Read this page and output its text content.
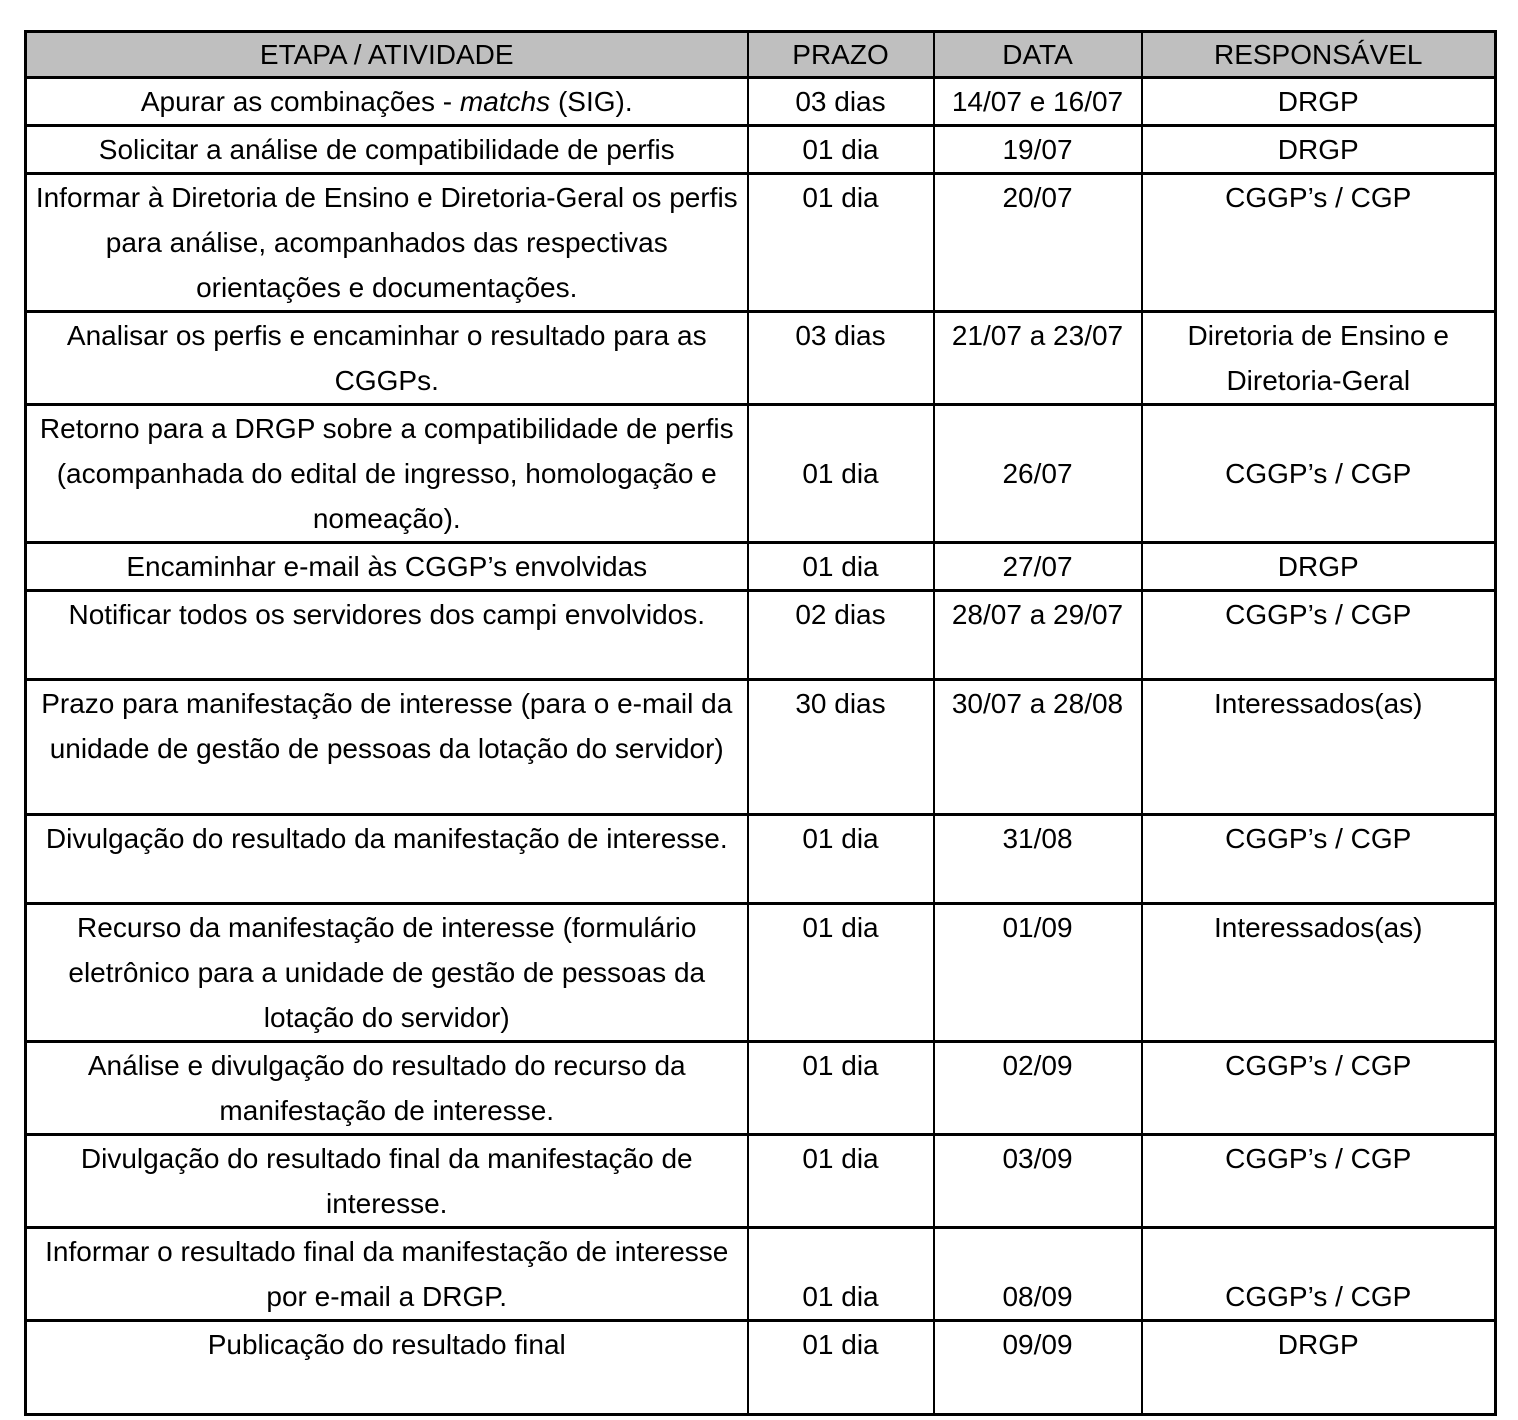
ETAPA / ATIVIDADE	PRAZO	DATA	RESPONSÁVEL
Apurar as combinações - matchs (SIG).	03 dias	14/07 e 16/07	DRGP
Solicitar a análise de compatibilidade de perfis	01 dia	19/07	DRGP
Informar à Diretoria de Ensino e Diretoria-Geral os perfis para análise, acompanhados das respectivas orientações e documentações.	01 dia	20/07	CGGP’s / CGP
Analisar os perfis e encaminhar o resultado para as CGGPs.	03 dias	21/07 a 23/07	Diretoria de Ensino e Diretoria-Geral
Retorno para a DRGP sobre a compatibilidade de perfis (acompanhada do edital de ingresso, homologação e nomeação).	01 dia	26/07	CGGP’s / CGP
Encaminhar e-mail às CGGP’s envolvidas	01 dia	27/07	DRGP
Notificar todos os servidores dos campi envolvidos.	02 dias	28/07 a 29/07	CGGP’s / CGP
Prazo para manifestação de interesse (para o e-mail da unidade de gestão de pessoas da lotação do servidor)	30 dias	30/07 a 28/08	Interessados(as)
Divulgação do resultado da manifestação de interesse.	01 dia	31/08	CGGP’s / CGP
Recurso da manifestação de interesse (formulário eletrônico para a unidade de gestão de pessoas da lotação do servidor)	01 dia	01/09	Interessados(as)
Análise e divulgação do resultado do recurso da manifestação de interesse.	01 dia	02/09	CGGP’s / CGP
Divulgação do resultado final da manifestação de interesse.	01 dia	03/09	CGGP’s / CGP
Informar o resultado final da manifestação de interesse por e-mail a DRGP.	01 dia	08/09	CGGP’s / CGP
Publicação do resultado final	01 dia	09/09	DRGP
